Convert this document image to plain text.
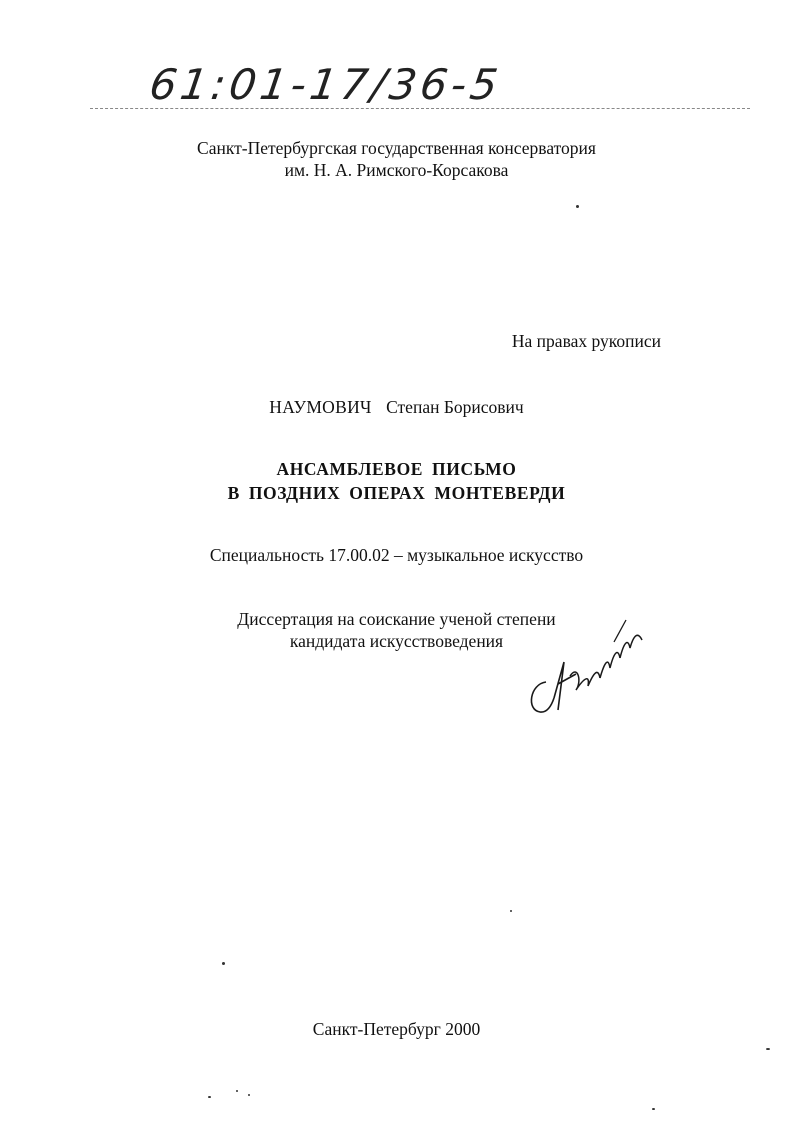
61:01-17/36-5
Санкт-Петербургская государственная консерватория
им. Н. А. Римского-Корсакова
На правах рукописи
НАУМОВИЧ Степан Борисович
АНСАМБЛЕВОЕ ПИСЬМО
В ПОЗДНИХ ОПЕРАХ МОНТЕВЕРДИ
Специальность 17.00.02 – музыкальное искусство
Диссертация на соискание ученой степени
кандидата искусствоведения
Санкт-Петербург 2000
